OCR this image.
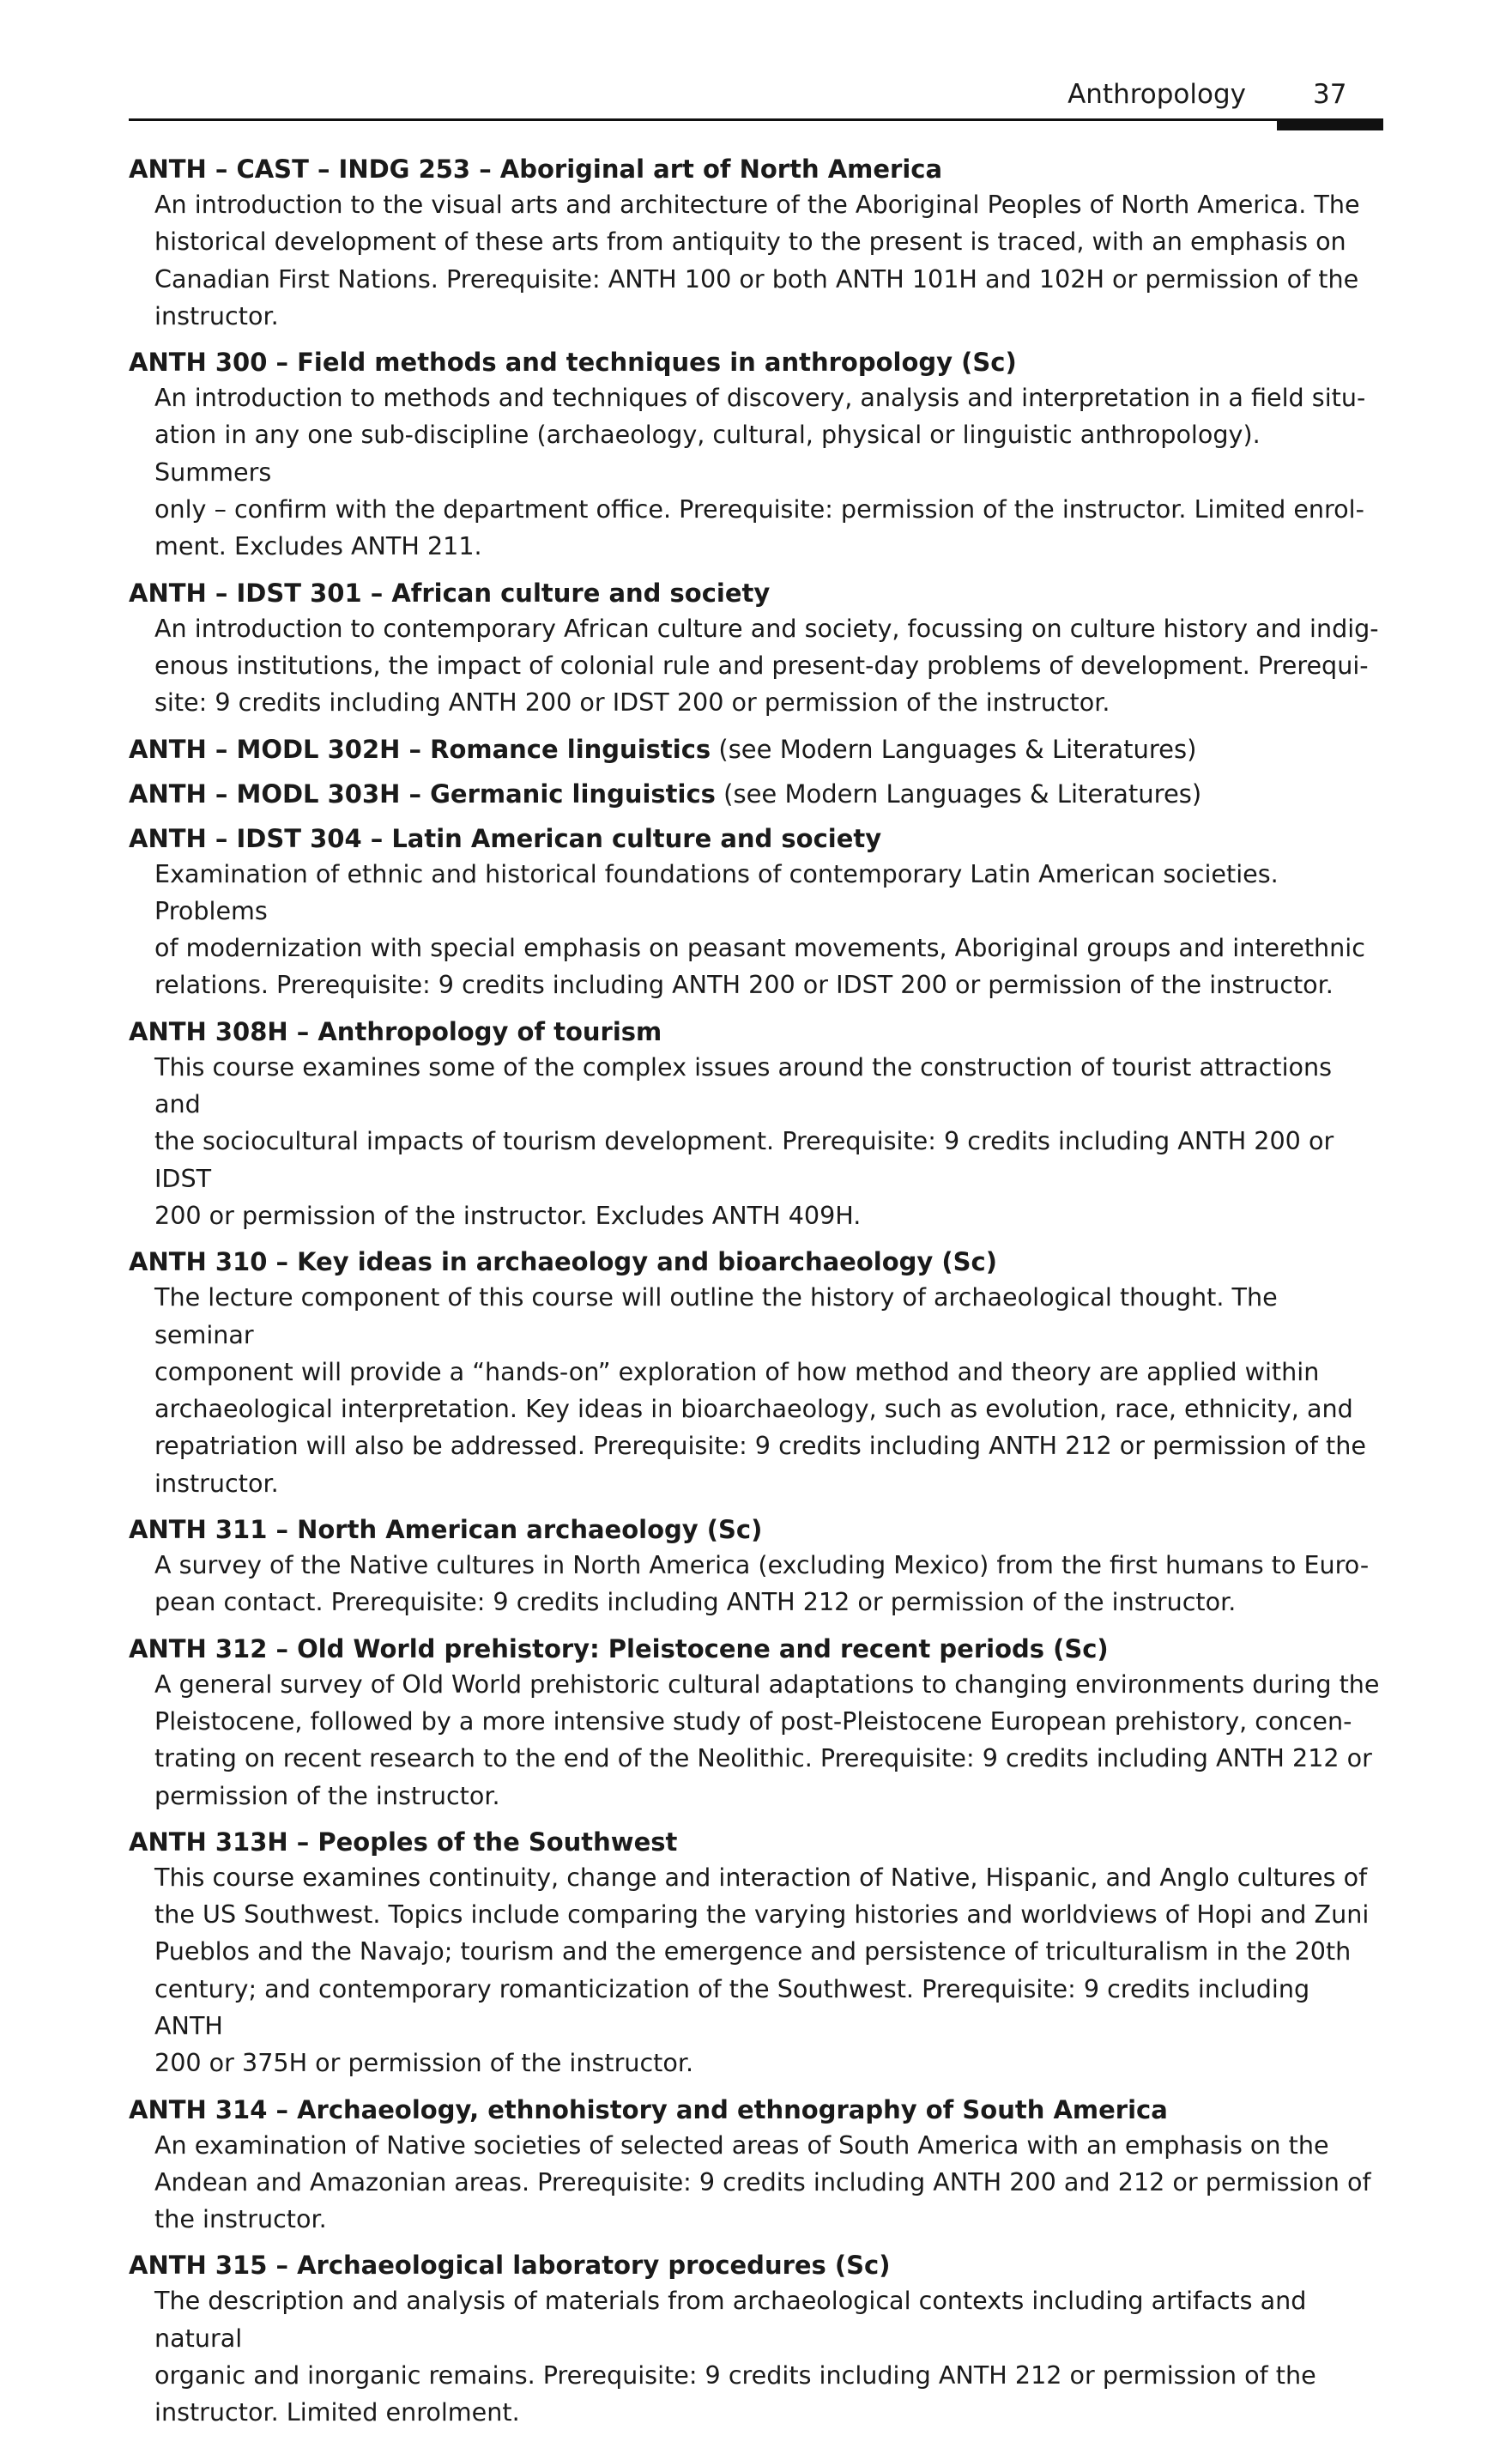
Anthropology	37
ANTH – CAST – INDG 253 – Aboriginal art of North America
An introduction to the visual arts and architecture of the Aboriginal Peoples of North America. The
historical development of these arts from antiquity to the present is traced, with an emphasis on
Canadian First Nations. Prerequisite: ANTH 100 or both ANTH 101H and 102H or permission of the
instructor.
ANTH 300 – Field methods and techniques in anthropology (Sc)
An introduction to methods and techniques of discovery, analysis and interpretation in a field situ-
ation in any one sub-discipline (archaeology, cultural, physical or linguistic anthropology). Summers
only – confirm with the department office. Prerequisite: permission of the instructor. Limited enrol-
ment. Excludes ANTH 211.
ANTH – IDST 301 – African culture and society
An introduction to contemporary African culture and society, focussing on culture history and indig-
enous institutions, the impact of colonial rule and present-day problems of development. Prerequi-
site: 9 credits including ANTH 200 or IDST 200 or permission of the instructor.
ANTH – MODL 302H – Romance linguistics (see Modern Languages & Literatures)
ANTH – MODL 303H – Germanic linguistics (see Modern Languages & Literatures)
ANTH – IDST 304 – Latin American culture and society
Examination of ethnic and historical foundations of contemporary Latin American societies. Problems
of modernization with special emphasis on peasant movements, Aboriginal groups and interethnic
relations. Prerequisite: 9 credits including ANTH 200 or IDST 200 or permission of the instructor.
ANTH 308H – Anthropology of tourism
This course examines some of the complex issues around the construction of tourist attractions and
the sociocultural impacts of tourism development. Prerequisite: 9 credits including ANTH 200 or IDST
200 or permission of the instructor. Excludes ANTH 409H.
ANTH 310 – Key ideas in archaeology and bioarchaeology (Sc)
The lecture component of this course will outline the history of archaeological thought. The seminar
component will provide a “hands-on” exploration of how method and theory are applied within
archaeological interpretation. Key ideas in bioarchaeology, such as evolution, race, ethnicity, and
repatriation will also be addressed. Prerequisite: 9 credits including ANTH 212 or permission of the
instructor.
ANTH 311 – North American archaeology (Sc)
A survey of the Native cultures in North America (excluding Mexico) from the first humans to Euro-
pean contact. Prerequisite: 9 credits including ANTH 212 or permission of the instructor.
ANTH 312 – Old World prehistory: Pleistocene and recent periods (Sc)
A general survey of Old World prehistoric cultural adaptations to changing environments during the
Pleistocene, followed by a more intensive study of post-Pleistocene European prehistory, concen-
trating on recent research to the end of the Neolithic. Prerequisite: 9 credits including ANTH 212 or
permission of the instructor.
ANTH 313H – Peoples of the Southwest
This course examines continuity, change and interaction of Native, Hispanic, and Anglo cultures of
the US Southwest. Topics include comparing the varying histories and worldviews of Hopi and Zuni
Pueblos and the Navajo; tourism and the emergence and persistence of triculturalism in the 20th
century; and contemporary romanticization of the Southwest. Prerequisite: 9 credits including ANTH
200 or 375H or permission of the instructor.
ANTH 314 – Archaeology, ethnohistory and ethnography of South America
An examination of Native societies of selected areas of South America with an emphasis on the
Andean and Amazonian areas. Prerequisite: 9 credits including ANTH 200 and 212 or permission of
the instructor.
ANTH 315 – Archaeological laboratory procedures (Sc)
The description and analysis of materials from archaeological contexts including artifacts and natural
organic and inorganic remains. Prerequisite: 9 credits including ANTH 212 or permission of the
instructor. Limited enrolment.
